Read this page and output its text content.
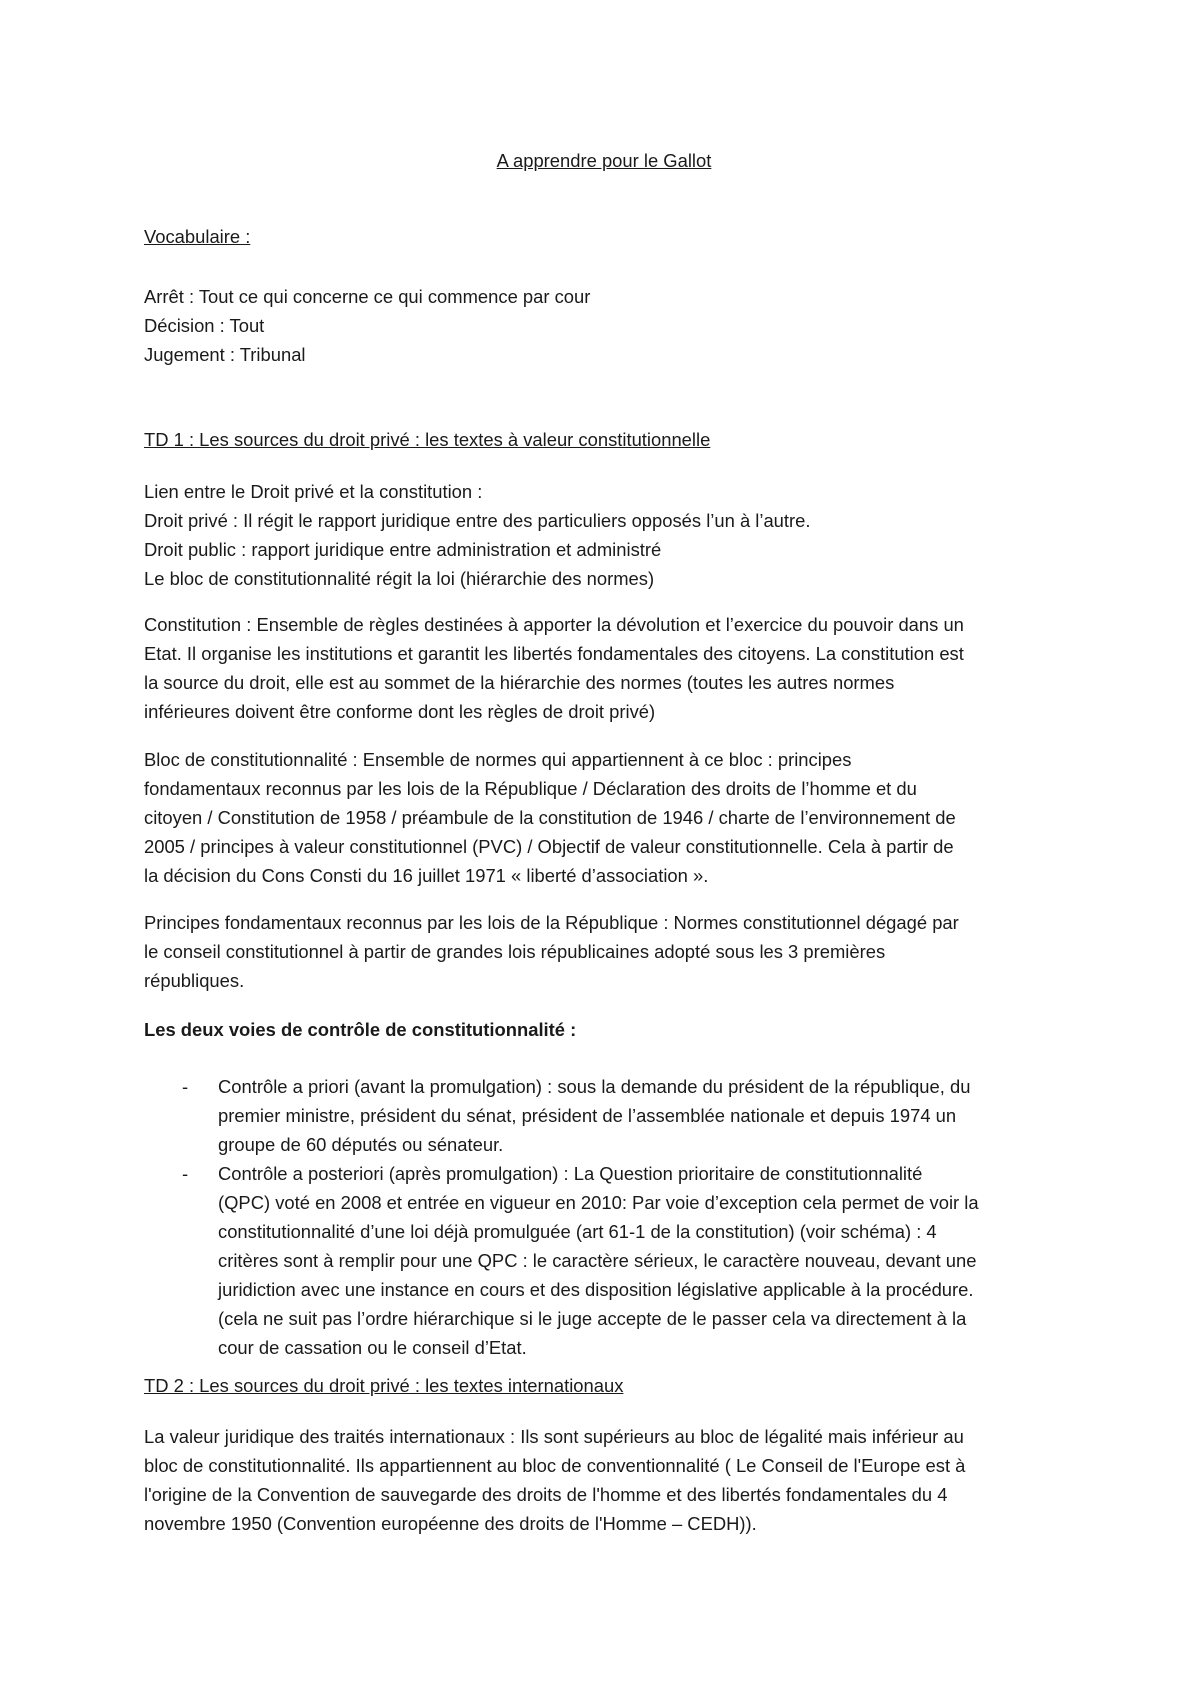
A apprendre pour le Gallot

Vocabulaire :

Arrêt : Tout ce qui concerne ce qui commence par cour
Décision : Tout
Jugement : Tribunal

TD 1 : Les sources du droit privé : les textes à valeur constitutionnelle

Lien entre le Droit privé et la constitution :
Droit privé : Il régit le rapport juridique entre des particuliers opposés l’un à l’autre.
Droit public : rapport juridique entre administration et administré
Le bloc de constitutionnalité régit la loi (hiérarchie des normes)
Constitution : Ensemble de règles destinées à apporter la dévolution et l’exercice du pouvoir dans un
Etat. Il organise les institutions et garantit les libertés fondamentales des citoyens. La constitution est
la source du droit, elle est au sommet de la hiérarchie des normes (toutes les autres normes
inférieures doivent être conforme dont les règles de droit privé)
Bloc de constitutionnalité : Ensemble de normes qui appartiennent à ce bloc : principes
fondamentaux reconnus par les lois de la République / Déclaration des droits de l’homme et du
citoyen / Constitution de 1958 / préambule de la constitution de 1946 / charte de l’environnement de
2005 / principes à valeur constitutionnel (PVC) / Objectif de valeur constitutionnelle. Cela à partir de
la décision du Cons Consti du 16 juillet 1971 « liberté d’association ».
Principes fondamentaux reconnus par les lois de la République : Normes constitutionnel dégagé par
le conseil constitutionnel à partir de grandes lois républicaines adopté sous les 3 premières
républiques.

Les deux voies de contrôle de constitutionnalité :

- Contrôle a priori (avant la promulgation) : sous la demande du président de la république, du
premier ministre, président du sénat, président de l’assemblée nationale et depuis 1974 un
groupe de 60 députés ou sénateur.
- Contrôle a posteriori (après promulgation) : La Question prioritaire de constitutionnalité
(QPC) voté en 2008 et entrée en vigueur en 2010: Par voie d’exception cela permet de voir la
constitutionnalité d’une loi déjà promulguée (art 61-1 de la constitution) (voir schéma) : 4
critères sont à remplir pour une QPC : le caractère sérieux, le caractère nouveau, devant une
juridiction avec une instance en cours et des disposition législative applicable à la procédure.
(cela ne suit pas l’ordre hiérarchique si le juge accepte de le passer cela va directement à la
cour de cassation ou le conseil d’Etat.

TD 2 : Les sources du droit privé : les textes internationaux

La valeur juridique des traités internationaux : Ils sont supérieurs au bloc de légalité mais inférieur au
bloc de constitutionnalité. Ils appartiennent au bloc de conventionnalité ( Le Conseil de l'Europe est à
l'origine de la Convention de sauvegarde des droits de l'homme et des libertés fondamentales du 4
novembre 1950 (Convention européenne des droits de l'Homme – CEDH)).
